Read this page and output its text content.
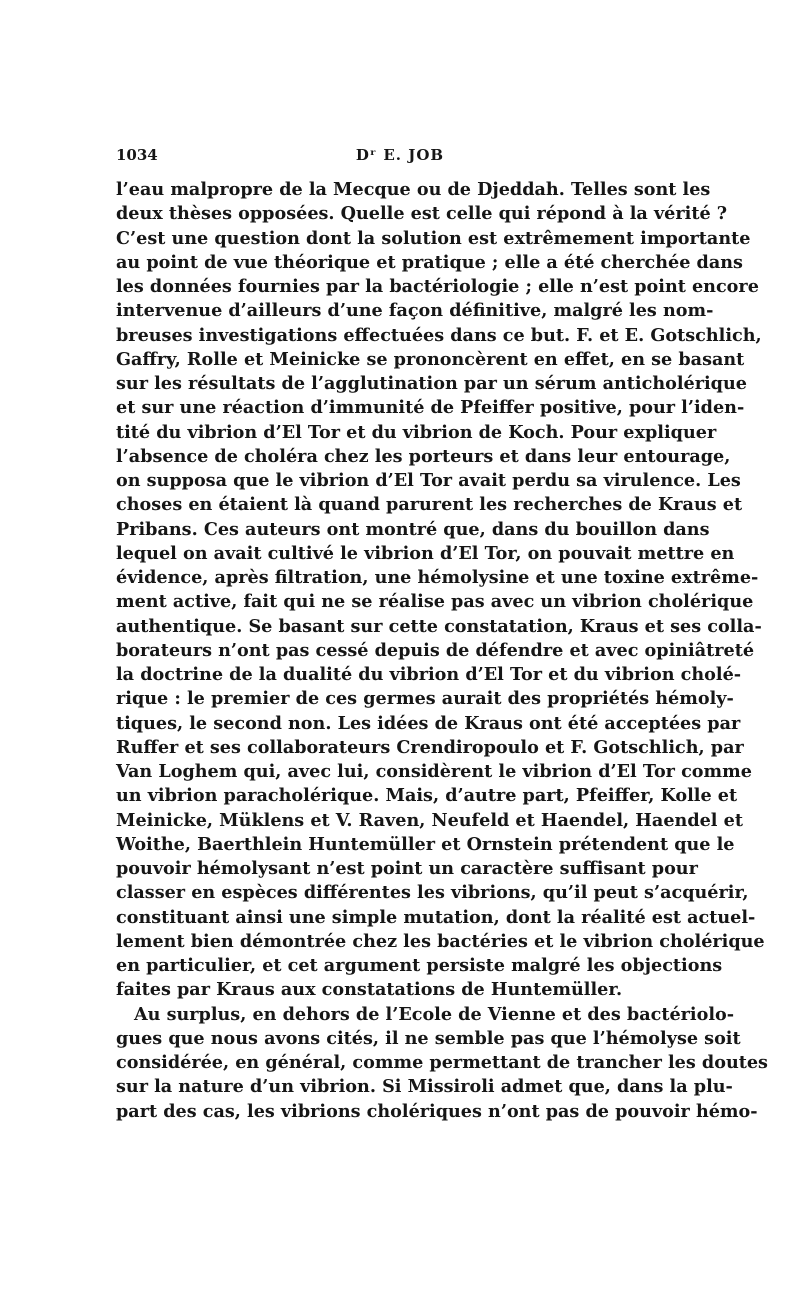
1034	Dʳ E. JOB
l’eau malpropre de la Mecque ou de Djeddah. Telles sont les
deux thèses opposées. Quelle est celle qui répond à la vérité ?
C’est une question dont la solution est extrêmement importante
au point de vue théorique et pratique ; elle a été cherchée dans
les données fournies par la bactériologie ; elle n’est point encore
intervenue d’ailleurs d’une façon définitive, malgré les nom-
breuses investigations effectuées dans ce but. F. et E. Gotschlich,
Gaffry, Rolle et Meinicke se prononcèrent en effet, en se basant
sur les résultats de l’agglutination par un sérum anticholérique
et sur une réaction d’immunité de Pfeiffer positive, pour l’iden-
tité du vibrion d’El Tor et du vibrion de Koch. Pour expliquer
l’absence de choléra chez les porteurs et dans leur entourage,
on supposa que le vibrion d’El Tor avait perdu sa virulence. Les
choses en étaient là quand parurent les recherches de Kraus et
Pribans. Ces auteurs ont montré que, dans du bouillon dans
lequel on avait cultivé le vibrion d’El Tor, on pouvait mettre en
évidence, après filtration, une hémolysine et une toxine extrême-
ment active, fait qui ne se réalise pas avec un vibrion cholérique
authentique. Se basant sur cette constatation, Kraus et ses colla-
borateurs n’ont pas cessé depuis de défendre et avec opiniâtreté
la doctrine de la dualité du vibrion d’El Tor et du vibrion cholé-
rique : le premier de ces germes aurait des propriétés hémoly-
tiques, le second non. Les idées de Kraus ont été acceptées par
Ruffer et ses collaborateurs Crendiropoulo et F. Gotschlich, par
Van Loghem qui, avec lui, considèrent le vibrion d’El Tor comme
un vibrion paracholérique. Mais, d’autre part, Pfeiffer, Kolle et
Meinicke, Müklens et V. Raven, Neufeld et Haendel, Haendel et
Woithe, Baerthlein Huntemüller et Ornstein prétendent que le
pouvoir hémolysant n’est point un caractère suffisant pour
classer en espèces différentes les vibrions, qu’il peut s’acquérir,
constituant ainsi une simple mutation, dont la réalité est actuel-
lement bien démontrée chez les bactéries et le vibrion cholérique
en particulier, et cet argument persiste malgré les objections
faites par Kraus aux constatations de Huntemüller.
Au surplus, en dehors de l’Ecole de Vienne et des bactériolo-
gues que nous avons cités, il ne semble pas que l’hémolyse soit
considérée, en général, comme permettant de trancher les doutes
sur la nature d’un vibrion. Si Missiroli admet que, dans la plu-
part des cas, les vibrions cholériques n’ont pas de pouvoir hémo-
